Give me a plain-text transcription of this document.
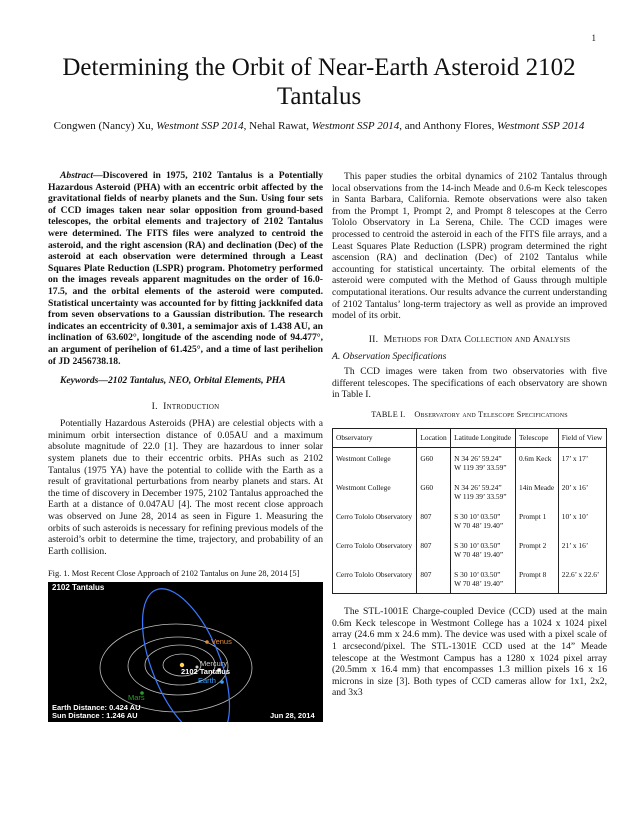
1
Determining the Orbit of Near-Earth Asteroid 2102 Tantalus
Congwen (Nancy) Xu, Westmont SSP 2014, Nehal Rawat, Westmont SSP 2014, and Anthony Flores, Westmont SSP 2014

Abstract—Discovered in 1975, 2102 Tantalus is a Potentially Hazardous Asteroid (PHA) with an eccentric orbit affected by the gravitational fields of nearby planets and the Sun. Using four sets of CCD images taken near solar opposition from ground-based telescopes, the orbital elements and trajectory of 2102 Tantalus were determined. The FITS files were analyzed to centroid the asteroid, and the right ascension (RA) and declination (Dec) of the asteroid at each observation were determined through a Least Squares Plate Reduction (LSPR) program. Photometry performed on the images reveals apparent magnitudes on the order of 16.0-17.5, and the orbital elements of the asteroid were computed. Statistical uncertainty was accounted for by fitting jackknifed data from seven observations to a Gaussian distribution. The research indicates an eccentricity of 0.301, a semimajor axis of 1.438 AU, an inclination of 63.602°, longitude of the ascending node of 94.477°, an argument of perihelion of 61.425°, and a time of last perihelion of JD 2456738.18.

Keywords—2102 Tantalus, NEO, Orbital Elements, PHA

I. Introduction

Potentially Hazardous Asteroids (PHA) are celestial objects with a minimum orbit intersection distance of 0.05AU and a maximum absolute magnitude of 22.0 [1]. They are hazardous to inner solar system planets due to their eccentric orbits. PHAs such as 2102 Tantalus (1975 YA) have the potential to collide with the Earth as a result of gravitational perturbations from nearby planets and stars. At the time of discovery in December 1975, 2102 Tantalus approached the Earth at a distance of 0.047AU [4]. The most recent close approach was observed on June 28, 2014 as seen in Figure 1. Measuring the orbits of such asteroids is necessary for refining previous models of the asteroid’s orbit to determine the time, trajectory, and probability of an Earth collision.

Fig. 1. Most Recent Close Approach of 2102 Tantalus on June 28, 2014 [5]
2102 Tantalus
Venus
Mercury
2102 Tantalus
Earth
Mars
Earth Distance: 0.424 AU
Sun Distance : 1.246 AU	Jun 28, 2014

This paper studies the orbital dynamics of 2102 Tantalus through local observations from the 14-inch Meade and 0.6-m Keck telescopes in Santa Barbara, California. Remote observations were also taken from the Prompt 1, Prompt 2, and Prompt 8 telescopes at the Cerro Tololo Observatory in La Serena, Chile. The CCD images were processed to centroid the asteroid in each of the FITS file arrays, and a Least Squares Plate Reduction (LSPR) program determined the right ascension (RA) and declination (Dec) of 2102 Tantalus while accounting for statistical uncertainty. The orbital elements of the asteroid were computed with the Method of Gauss through multiple computational iterations. Our results advance the current understanding of 2102 Tantalus’ long-term trajectory as well as provide an improved model of its orbit.

II. Methods for Data Collection and Analysis
A. Observation Specifications

Th CCD images were taken from two observatories with five different telescopes. The specifications of each observatory are shown in Table I.

TABLE I. Observatory and Telescope Specifications
Observatory	Location	Latitude Longitude	Telescope	Field of View
Westmont College	G60	N 34 26’ 59.24”
W 119 39’ 33.59”	0.6m Keck	17’ x 17’
Westmont College	G60	N 34 26’ 59.24”
W 119 39’ 33.59”	14in Meade	20’ x 16’
Cerro Tololo Observatory	807	S 30 10’ 03.50”
W 70 48’ 19.40”	Prompt 1	10’ x 10’
Cerro Tololo Observatory	807	S 30 10’ 03.50”
W 70 48’ 19.40”	Prompt 2	21’ x 16’
Cerro Tololo Observatory	807	S 30 10’ 03.50”
W 70 48’ 19.40”	Prompt 8	22.6’ x 22.6’

The STL-1001E Charge-coupled Device (CCD) used at the main 0.6m Keck telescope in Westmont College has a 1024 x 1024 pixel array (24.6 mm x 24.6 mm). The device was used with a pixel scale of 1 arcsecond/pixel. The STL-1301E CCD used at the 14” Meade telescope at the Westmont Campus has a 1280 x 1024 pixel array (20.5mm x 16.4 mm) that encompasses 1.3 million pixels 16 x 16 microns in size [3]. Both types of CCD cameras allow for 1x1, 2x2, and 3x3
